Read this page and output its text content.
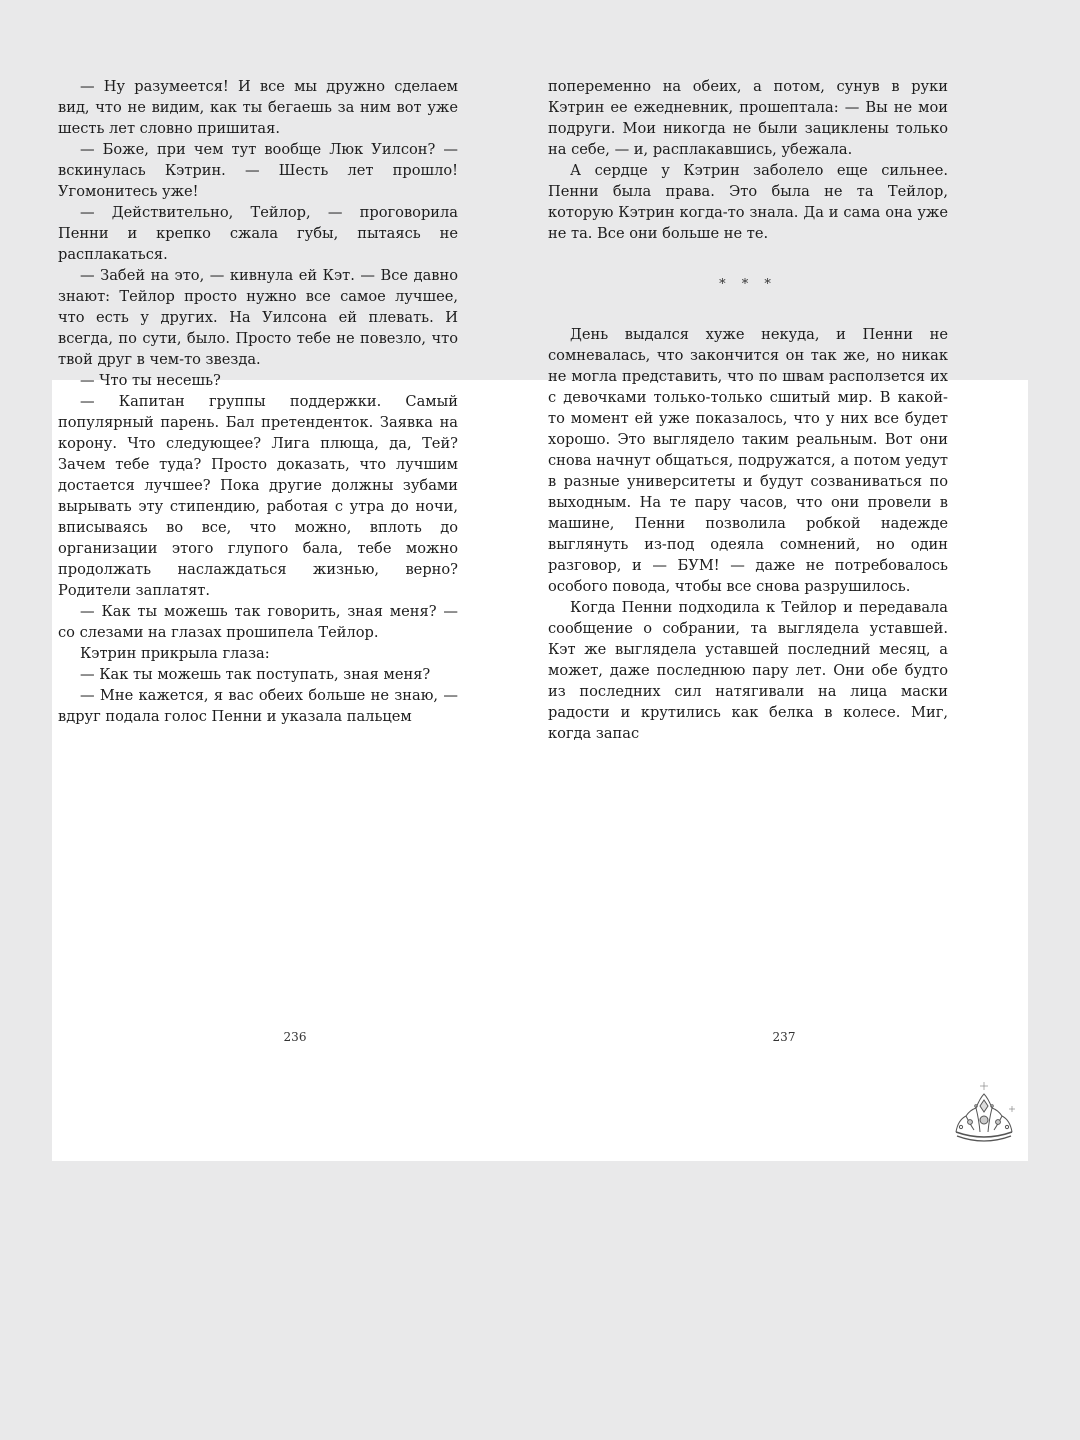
— Ну разумеется! И все мы дружно сделаем вид, что не видим, как ты бегаешь за ним вот уже шесть лет словно пришитая.

— Боже, при чем тут вообще Люк Уилсон? — вскинулась Кэтрин. — Шесть лет прошло! Угомонитесь уже!

— Действительно, Тейлор, — проговорила Пенни и крепко сжала губы, пытаясь не расплакаться.

— Забей на это, — кивнула ей Кэт. — Все давно знают: Тейлор просто нужно все самое лучшее, что есть у других. На Уилсона ей плевать. И всегда, по сути, было. Просто тебе не повезло, что твой друг в чем-то звезда.

— Что ты несешь?

— Капитан группы поддержки. Самый популярный парень. Бал претенденток. Заявка на корону. Что следующее? Лига плюща, да, Тей? Зачем тебе туда? Просто доказать, что лучшим достается лучшее? Пока другие должны зубами вырывать эту стипендию, работая с утра до ночи, вписываясь во все, что можно, вплоть до организации этого глупого бала, тебе можно продолжать наслаждаться жизнью, верно? Родители заплатят.

— Как ты можешь так говорить, зная меня? — со слезами на глазах прошипела Тейлор.

Кэтрин прикрыла глаза:

— Как ты можешь так поступать, зная меня?

— Мне кажется, я вас обеих больше не знаю, — вдруг подала голос Пенни и указала пальцем

попеременно на обеих, а потом, сунув в руки Кэтрин ее ежедневник, прошептала: — Вы не мои подруги. Мои никогда не были зациклены только на себе, — и, расплакавшись, убежала.

А сердце у Кэтрин заболело еще сильнее. Пенни была права. Это была не та Тейлор, которую Кэтрин когда-то знала. Да и сама она уже не та. Все они больше не те.

* * *

День выдался хуже некуда, и Пенни не сомневалась, что закончится он так же, но никак не могла представить, что по швам расползется их с девочками только-только сшитый мир. В какой-то момент ей уже показалось, что у них все будет хорошо. Это выглядело таким реальным. Вот они снова начнут общаться, подружатся, а потом уедут в разные университеты и будут созваниваться по выходным. На те пару часов, что они провели в машине, Пенни позволила робкой надежде выглянуть из-под одеяла сомнений, но один разговор, и — БУМ! — даже не потребовалось особого повода, чтобы все снова разрушилось.

Когда Пенни подходила к Тейлор и передавала сообщение о собрании, та выглядела уставшей. Кэт же выглядела уставшей последний месяц, а может, даже последнюю пару лет. Они обе будто из последних сил натягивали на лица маски радости и крутились как белка в колесе. Миг, когда запас

236	237
